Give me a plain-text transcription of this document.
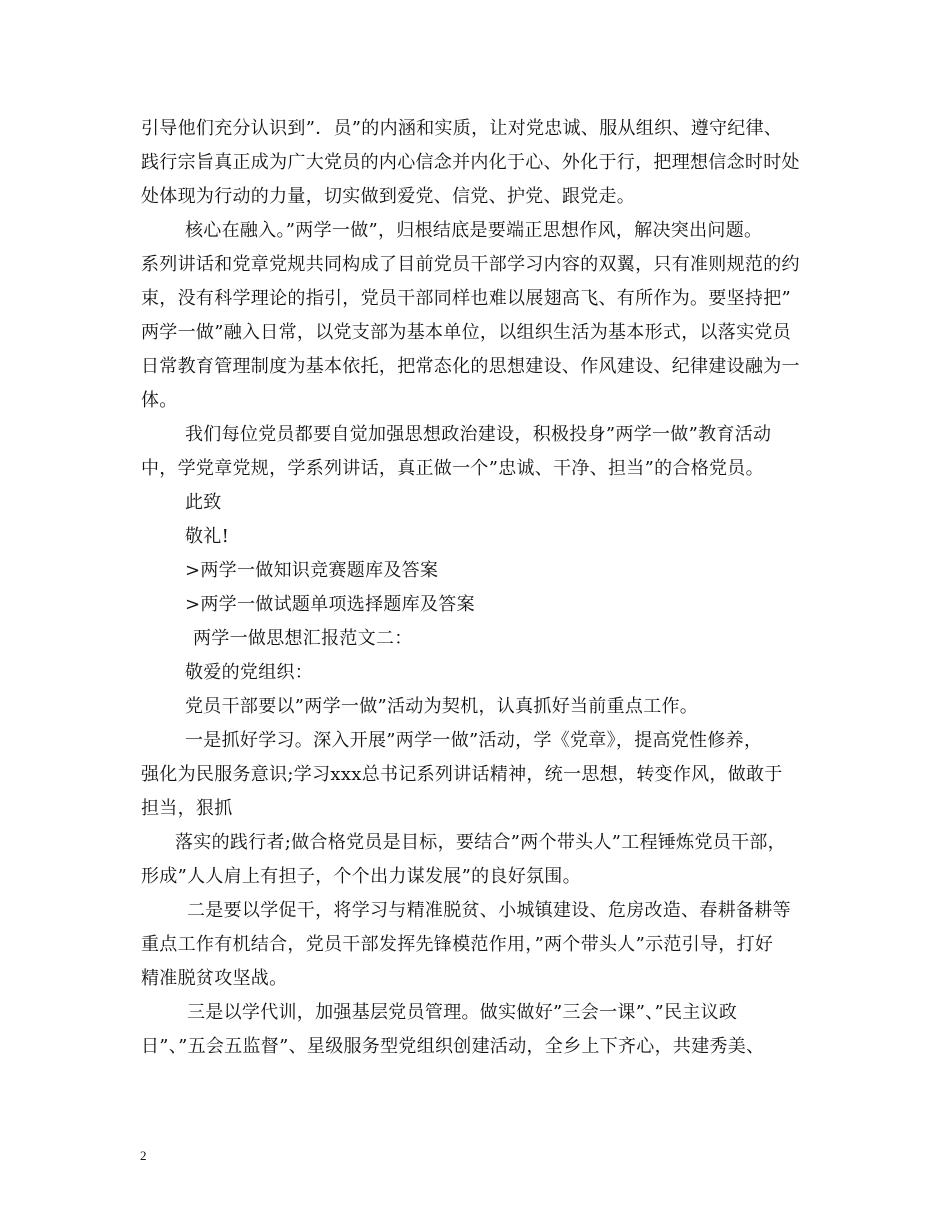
引导他们充分认识到”．员”的内涵和实质，让对党忠诚、服从组织、遵守纪律、
践行宗旨真正成为广大党员的内心信念并内化于心、外化于行，把理想信念时时处
处体现为行动的力量，切实做到爱党、信党、护党、跟党走。
核心在融入。”两学一做”，归根结底是要端正思想作风，解决突出问题。
系列讲话和党章党规共同构成了目前党员干部学习内容的双翼，只有准则规范的约
束，没有科学理论的指引，党员干部同样也难以展翅高飞、有所作为。要坚持把”
两学一做”融入日常，以党支部为基本单位，以组织生活为基本形式，以落实党员
日常教育管理制度为基本依托，把常态化的思想建设、作风建设、纪律建设融为一
体。
我们每位党员都要自觉加强思想政治建设，积极投身”两学一做”教育活动
中，学党章党规，学系列讲话，真正做一个”忠诚、干净、担当”的合格党员。
此致
敬礼!
>两学一做知识竞赛题库及答案
>两学一做试题单项选择题库及答案
两学一做思想汇报范文二：
敬爱的党组织：
党员干部要以”两学一做”活动为契机，认真抓好当前重点工作。
一是抓好学习。深入开展”两学一做”活动，学《党章》，提高党性修养，
强化为民服务意识;学习xxx总书记系列讲话精神，统一思想，转变作风，做敢于
担当，狠抓
落实的践行者;做合格党员是目标，要结合”两个带头人”工程锤炼党员干部，
形成”人人肩上有担子，个个出力谋发展”的良好氛围。
二是要以学促干，将学习与精准脱贫、小城镇建设、危房改造、春耕备耕等
重点工作有机结合，党员干部发挥先锋模范作用，”两个带头人”示范引导，打好
精准脱贫攻坚战。
三是以学代训，加强基层党员管理。做实做好”三会一课”、”民主议政
日”、”五会五监督”、星级服务型党组织创建活动，全乡上下齐心，共建秀美、
2
